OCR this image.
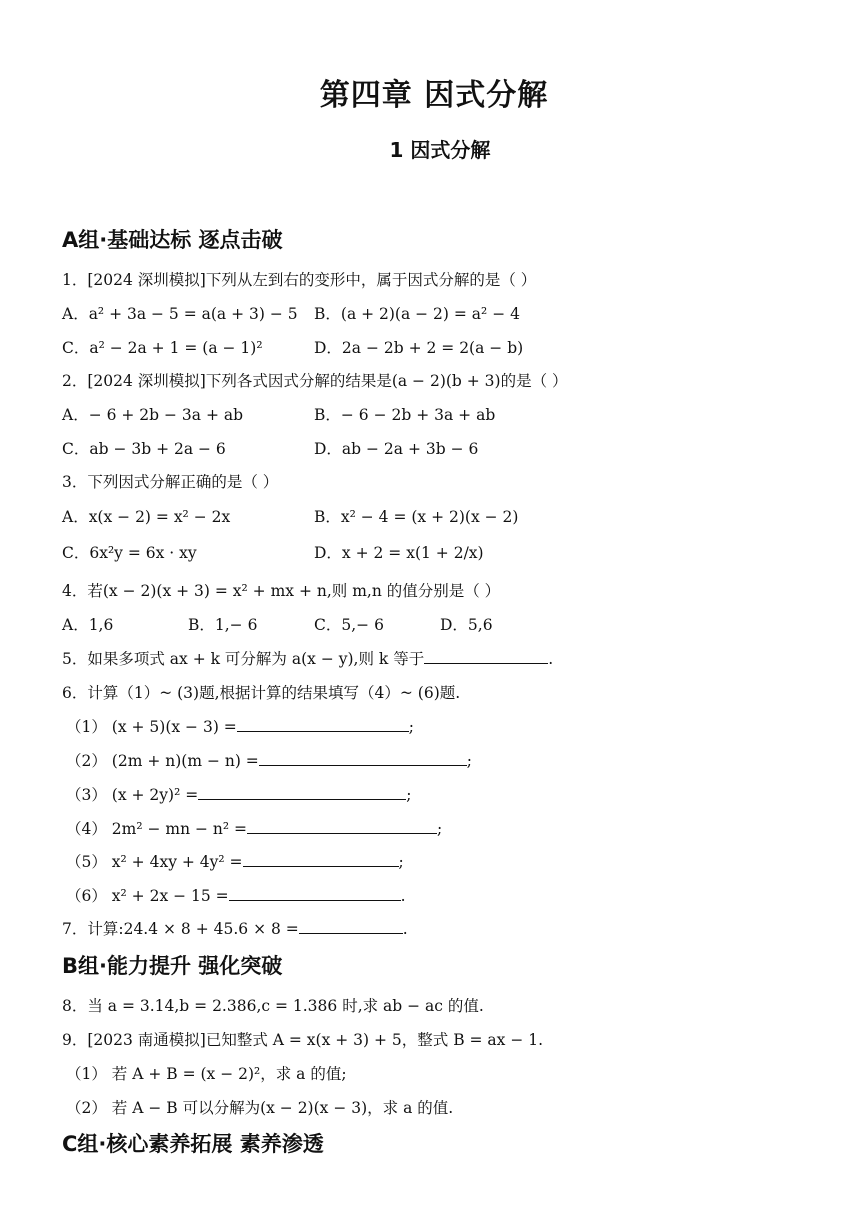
第四章 因式分解
1 因式分解
A组·基础达标 逐点击破
1．[2024 深圳模拟]下列从左到右的变形中，属于因式分解的是（ ）
A．a² + 3a − 5 = a(a + 3) − 5 B．(a + 2)(a − 2) = a² − 4
C．a² − 2a + 1 = (a − 1)²	D．2a − 2b + 2 = 2(a − b)
2．[2024 深圳模拟]下列各式因式分解的结果是(a − 2)(b + 3)的是（ ）
A．− 6 + 2b − 3a + ab	B．− 6 − 2b + 3a + ab
C．ab − 3b + 2a − 6	D．ab − 2a + 3b − 6
3．下列因式分解正确的是（ ）
A．x(x − 2) = x² − 2x	B．x² − 4 = (x + 2)(x − 2)
C．6x²y = 6x · xy	D．x + 2 = x(1 + 2/x)
4．若(x − 2)(x + 3) = x² + mx + n,则 m,n 的值分别是（ ）
A．1,6	B．1,− 6	C．5,− 6	D．5,6
5．如果多项式 ax + k 可分解为 a(x − y),则 k 等于	.
6．计算（1）~ (3)题,根据计算的结果填写（4）~ (6)题.
（1） (x + 5)(x − 3) =	;
（2） (2m + n)(m − n) =	;
（3） (x + 2y)² =	;
（4） 2m² − mn − n² =	;
（5） x² + 4xy + 4y² =	;
（6） x² + 2x − 15 =	.
7．计算:24.4 × 8 + 45.6 × 8 =	.
B组·能力提升 强化突破
8．当 a = 3.14,b = 2.386,c = 1.386 时,求 ab − ac 的值.
9．[2023 南通模拟]已知整式 A = x(x + 3) + 5，整式 B = ax − 1.
（1） 若 A + B = (x − 2)²，求 a 的值;
（2） 若 A − B 可以分解为(x − 2)(x − 3)，求 a 的值.
C组·核心素养拓展 素养渗透
